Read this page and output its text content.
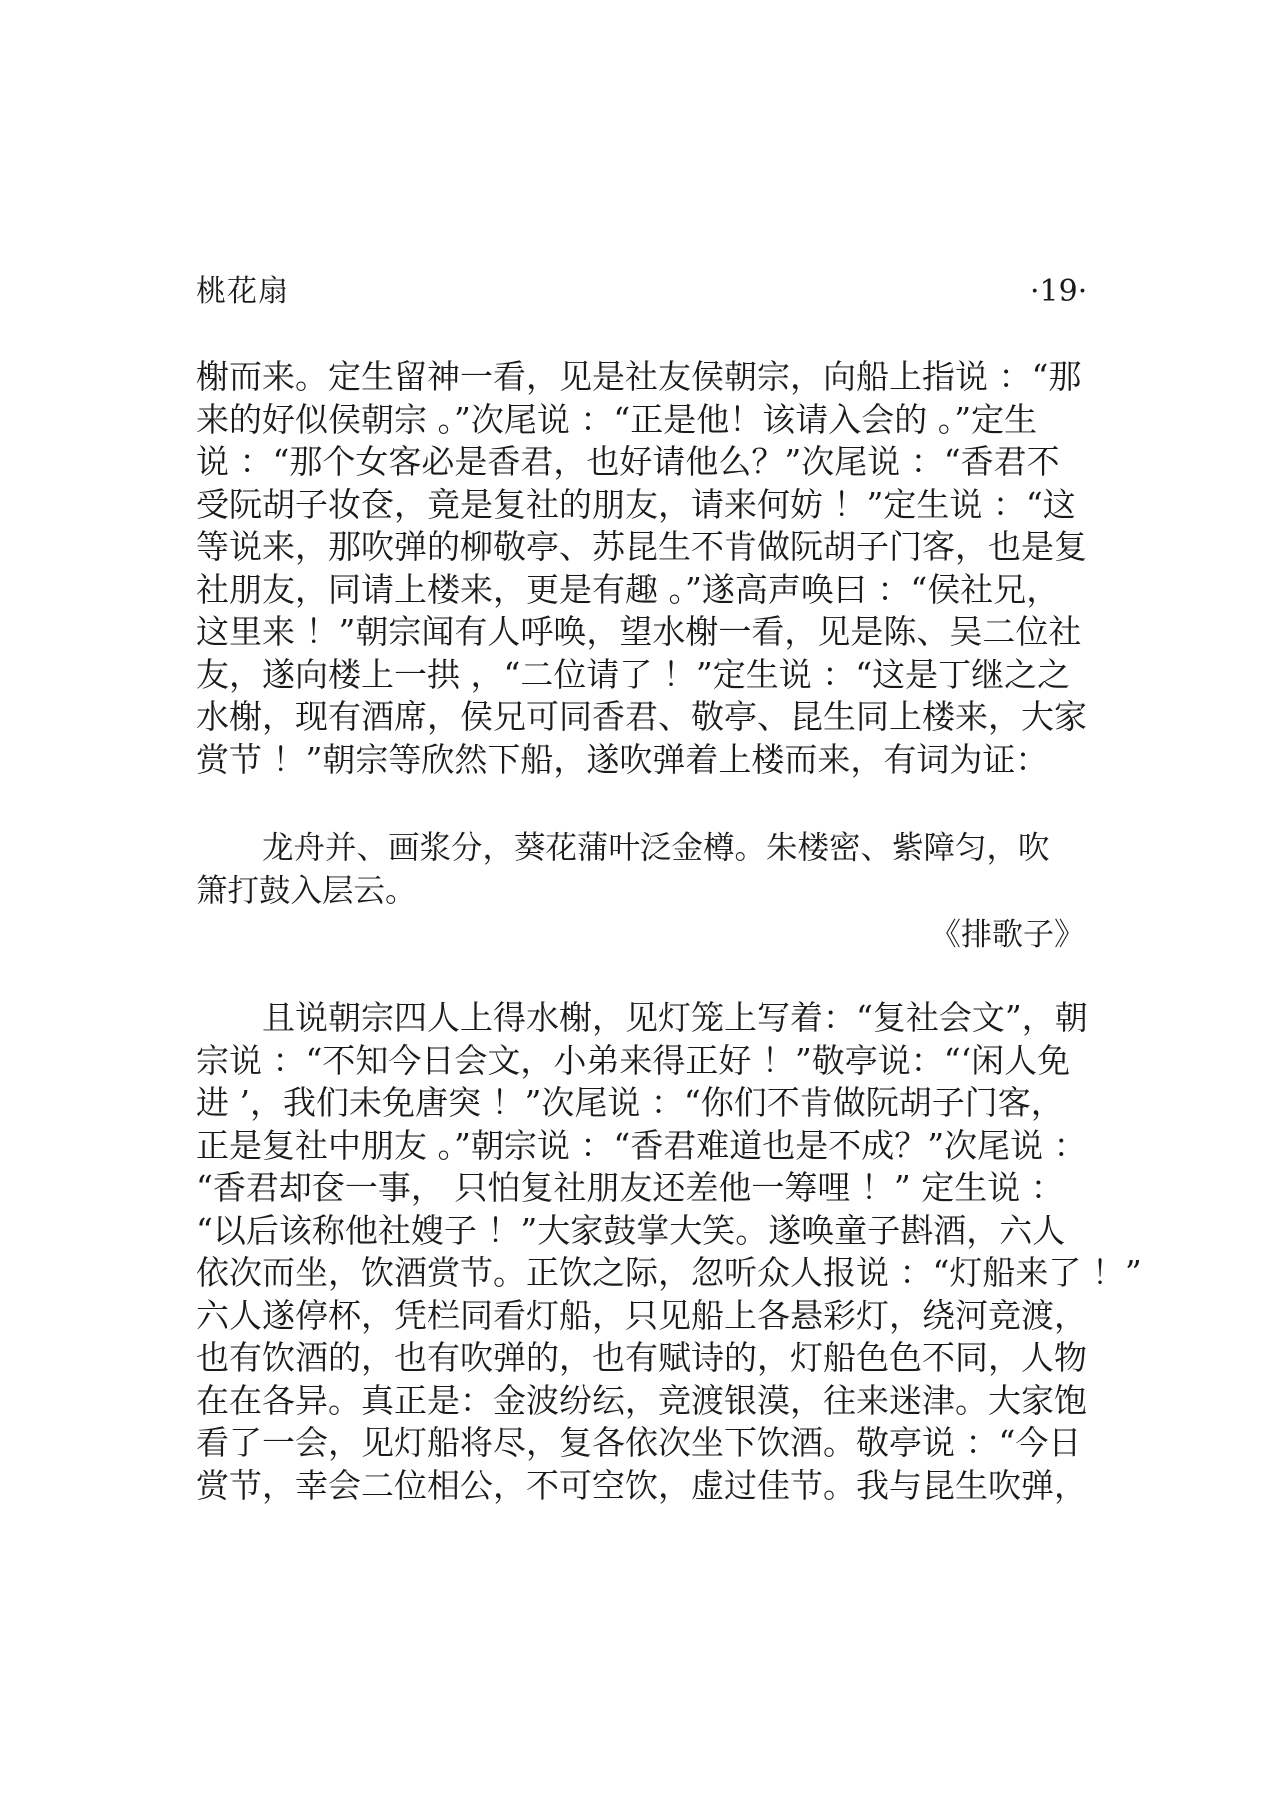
桃花扇	·19·
榭而来。定生留神一看，见是社友侯朝宗，向船上指说 ：“那
来的好似侯朝宗 。”次尾说 ：“正是他！该请入会的 。”定生
说 ：“那个女客必是香君，也好请他么？”次尾说 ：“香君不
受阮胡子妆奁，竟是复社的朋友，请来何妨 ！”定生说 ：“这
等说来，那吹弹的柳敬亭、苏昆生不肯做阮胡子门客，也是复
社朋友，同请上楼来，更是有趣 。”遂高声唤曰 ：“侯社兄，
这里来 ！”朝宗闻有人呼唤，望水榭一看，见是陈、吴二位社
友，遂向楼上一拱 ，“二位请了 ！”定生说 ：“这是丁继之之
水榭，现有酒席，侯兄可同香君、敬亭、昆生同上楼来，大家
赏节 ！”朝宗等欣然下船，遂吹弹着上楼而来，有词为证：
龙舟并、画浆分，葵花蒲叶泛金樽。朱楼密、紫障匀，吹
箫打鼓入层云。
《排歌子》
且说朝宗四人上得水榭，见灯笼上写着：“复社会文”，朝
宗说 ：“不知今日会文，小弟来得正好 ！”敬亭说：“‘闲人免
进 ’，我们未免唐突 ！”次尾说 ：“你们不肯做阮胡子门客，
正是复社中朋友 。”朝宗说 ：“香君难道也是不成？”次尾说 ：
“香君却奁一事， 只怕复社朋友还差他一筹哩 ！” 定生说 ：
“以后该称他社嫂子 ！”大家鼓掌大笑。遂唤童子斟酒，六人
依次而坐，饮酒赏节。正饮之际，忽听众人报说 ：“灯船来了 ！”
六人遂停杯，凭栏同看灯船，只见船上各悬彩灯，绕河竞渡，
也有饮酒的，也有吹弹的，也有赋诗的，灯船色色不同，人物
在在各异。真正是：金波纷纭，竞渡银漠，往来迷津。大家饱
看了一会，见灯船将尽，复各依次坐下饮酒。敬亭说 ：“今日
赏节，幸会二位相公，不可空饮，虚过佳节。我与昆生吹弹，
